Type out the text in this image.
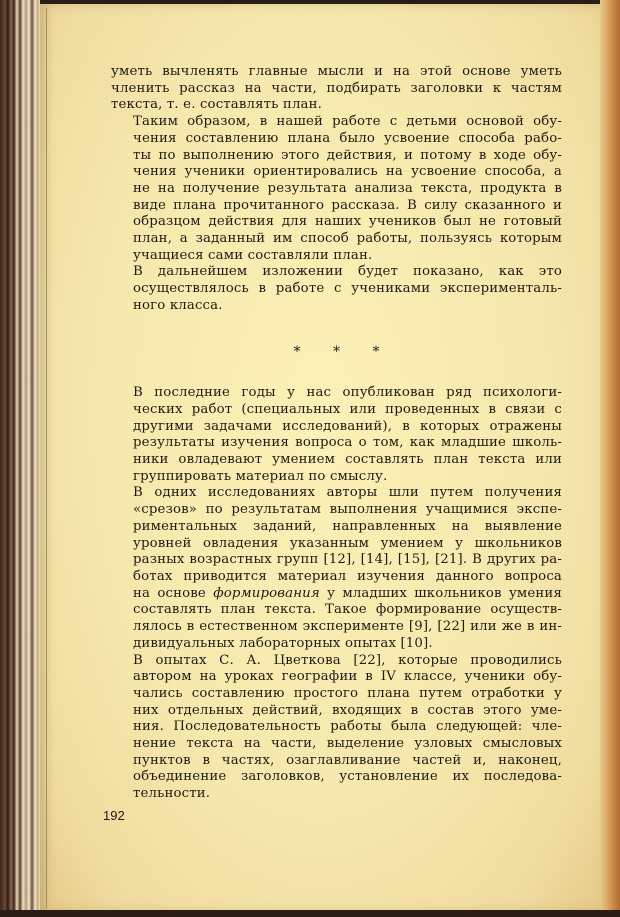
уметь вычленять главные мысли и на этой основе уметь
членить рассказ на части, подбирать заголовки к частям
текста, т. е. составлять план.

Таким образом, в нашей работе с детьми основой обу-
чения составлению плана было усвоение способа рабо-
ты по выполнению этого действия, и потому в ходе обу-
чения ученики ориентировались на усвоение способа, а
не на получение результата анализа текста, продукта в
виде плана прочитанного рассказа. В силу сказанного и
образцом действия для наших учеников был не готовый
план, а заданный им способ работы, пользуясь которым
учащиеся сами составляли план.

В дальнейшем изложении будет показано, как это
осуществлялось в работе с учениками эксперименталь-
ного класса.

* * *

В последние годы у нас опубликован ряд психологи-
ческих работ (специальных или проведенных в связи с
другими задачами исследований), в которых отражены
результаты изучения вопроса о том, как младшие школь-
ники овладевают умением составлять план текста или
группировать материал по смыслу.

В одних исследованиях авторы шли путем получения
«срезов» по результатам выполнения учащимися экспе-
риментальных заданий, направленных на выявление
уровней овладения указанным умением у школьников
разных возрастных групп [12], [14], [15], [21]. В других ра-
ботах приводится материал изучения данного вопроса
на основе формирования у младших школьников умения
составлять план текста. Такое формирование осуществ-
лялось в естественном эксперименте [9], [22] или же в ин-
дивидуальных лабораторных опытах [10].

В опытах С. А. Цветкова [22], которые проводились
автором на уроках географии в IV классе, ученики обу-
чались составлению простого плана путем отработки у
них отдельных действий, входящих в состав этого уме-
ния. Последовательность работы была следующей: чле-
нение текста на части, выделение узловых смысловых
пунктов в частях, озаглавливание частей и, наконец,
объединение заголовков, установление их последова-
тельности.

192
